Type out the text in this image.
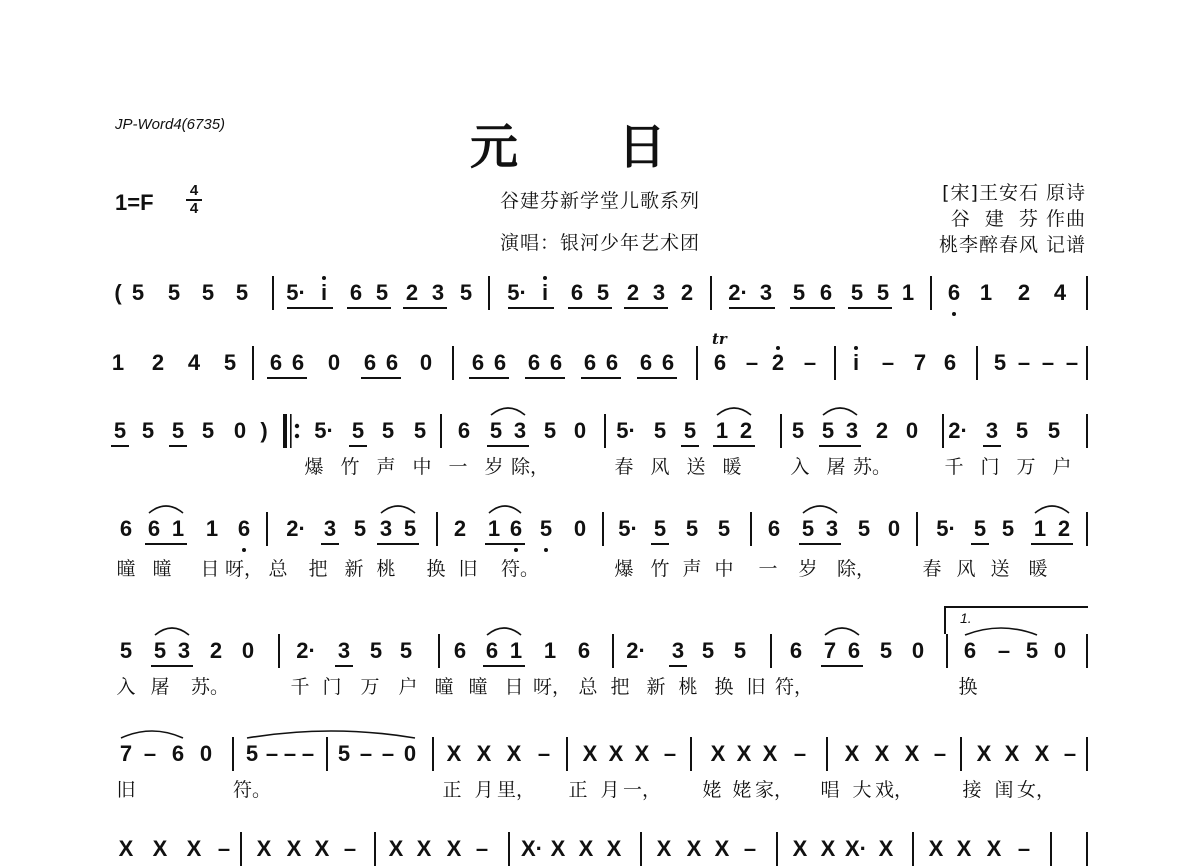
JP-Word4(6735)	元日
1=F 4
4	谷建芬新学堂儿歌系列
演唱：银河少年艺术团
[宋]王安石 原诗
谷  建  芬 作曲
桃李醉春风 记谱
( 5 5 5 5 5· i 6 5 2 3 5 5· i 6 5 2 3 2 2· 3 5 6 5 5 1 6 1 2 4
1 2 4 5 6 6 0 6 6 0 6 6 6 6 6 6 6 6 6 – 2 – i – 7 6 5 – – –
tr
5 5 5 5 0 ) 5· 5 5 5 6 5 3 5 0 5· 5 5 1 2 5 5 3 2 0 2· 3 5 5
爆 竹 声 中 一 岁 除，	春 风 送 暖	入 屠 苏。	千 门 万 户
6 6 1 1 6 2· 3 5 3 5 2 1 6 5 0 5· 5 5 5 6 5 3 5 0 5· 5 5 1 2
曈 曈 日 呀， 总 把 新 桃 换 旧 符。	爆 竹 声 中 一 岁 除， 春 风 送 暖
5 5 3 2 0 2· 3 5 5 6 6 1 1 6 2· 3 5 5 6 7 6 5 0 6 – 5 0
1.
入 屠 苏。	千 门 万 户 曈 曈 日 呀， 总 把 新 桃 换 旧 符，	换
7 – 6 0 5 – – – 5 – – 0 X X X – X X X – X X X – X X X – X X X –
旧	符。	正 月 里， 正 月 一， 姥 姥 家， 唱 大 戏，	接 闺 女，
X X X – X X X – X X X – X· X X X X X X – X X X· X X X X –
